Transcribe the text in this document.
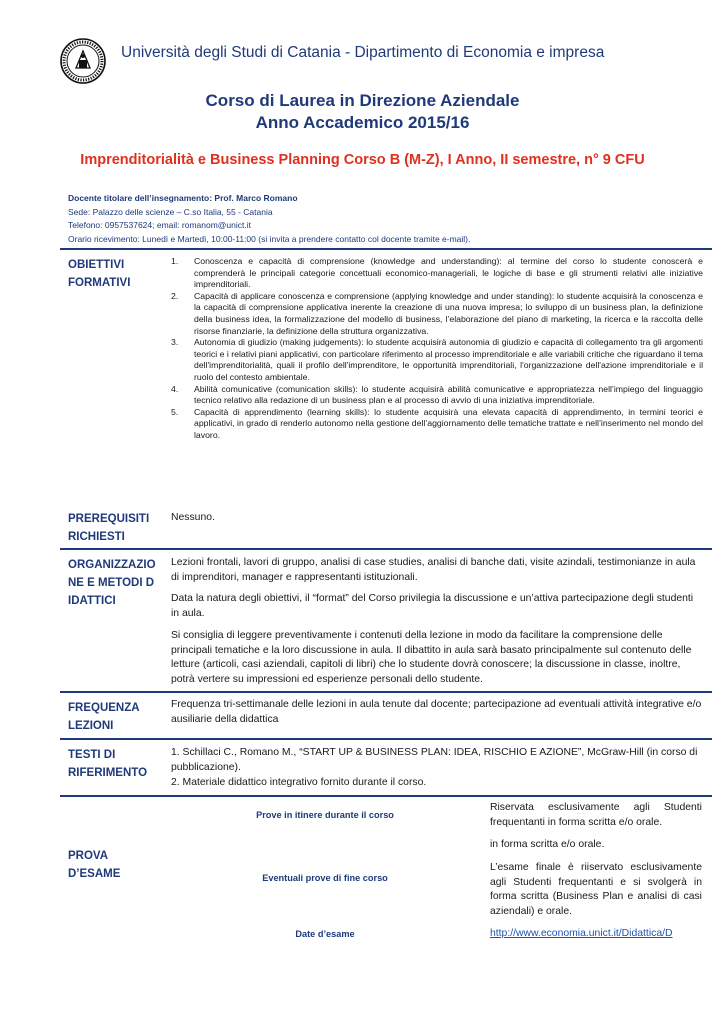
Università degli Studi di Catania - Dipartimento di Economia e impresa
Corso di Laurea in Direzione Aziendale
Anno Accademico 2015/16
Imprenditorialità e Business Planning Corso B (M-Z), I Anno, II semestre, n° 9 CFU
Docente titolare dell’insegnamento: Prof. Marco Romano
Sede: Palazzo delle scienze – C.so Italia, 55 - Catania
Telefono: 0957537624; email: romanom@unict.it
Orario ricevimento: Lunedì e Martedì, 10:00-11:00 (si invita a prendere contatto col docente tramite e-mail).
OBIETTIVI FORMATIVI
1. Conoscenza e capacità di comprensione (knowledge and understanding): al termine del corso lo studente conoscerà e comprenderà le principali categorie concettuali economico-manageriali, le logiche di base e gli strumenti relativi alle iniziative imprenditoriali.
2. Capacità di applicare conoscenza e comprensione (applying knowledge and under standing): lo studente acquisirà la conoscenza e la capacità di comprensione applicativa inerente la creazione di una nuova impresa; lo sviluppo di un business plan, la definizione della business idea, la formalizzazione del modello di business, l’elaborazione del piano di marketing, la ricerca e la raccolta delle risorse finanziarie, la definizione della struttura organizzativa.
3. Autonomia di giudizio (making judgements): lo studente acquisirà autonomia di giudizio e capacità di collegamento tra gli argomenti teorici e i relativi piani applicativi, con particolare riferimento al processo imprenditoriale e alle variabili critiche che riguardano il tema dell'imprenditorialità, quali il profilo dell'imprenditore, le opportunità imprenditoriali, l'organizzazione dell'azione imprenditoriale e il ruolo del contesto ambientale.
4. Abilità comunicative (comunication skills): lo studente acquisirà abilità comunicative e appropriatezza nell’impiego del linguaggio tecnico relativo alla redazione di un business plan e al processo di avvio di una iniziativa imprenditoriale.
5. Capacità di apprendimento (learning skills): lo studente acquisirà una elevata capacità di apprendimento, in termini teorici e applicativi, in grado di renderlo autonomo nella gestione dell’aggiornamento delle tematiche trattate e nell’inserimento nel mondo del lavoro.
PREREQUISITI RICHIESTI
Nessuno.
ORGANIZZAZIONE E METODI DIDATTICI
Lezioni frontali, lavori di gruppo, analisi di case studies, analisi di banche dati, visite azindali, testimonianze in aula di imprenditori, manager e rappresentanti istituzionali.
Data la natura degli obiettivi, il “format” del Corso privilegia la discussione e un’attiva partecipazione degli studenti in aula.
Si consiglia di leggere preventivamente i contenuti della lezione in modo da facilitare la comprensione delle principali tematiche e la loro discussione in aula. Il dibattito in aula sarà basato principalmente sul contenuto delle letture (articoli, casi aziendali, capitoli di libri) che lo studente dovrà conoscere; la discussione in classe, inoltre, potrà vertere su impressioni ed esperienze personali dello studente.
FREQUENZA LEZIONI
Frequenza tri-settimanale delle lezioni in aula tenute dal docente; partecipazione ad eventuali attività integrative e/o ausiliarie della didattica
TESTI DI RIFERIMENTO
1. Schillaci C., Romano M., “START UP & BUSINESS PLAN: IDEA, RISCHIO E AZIONE”, McGraw-Hill (in corso di pubblicazione).
2. Materiale didattico integrativo fornito durante il corso.
PROVA D’ESAME
Prove in itinere durante il corso
Riservata esclusivamente agli Studenti frequentanti in forma scritta e/o orale.
Eventuali prove di fine corso
in forma scritta e/o orale.
L’esame finale è riiservato esclusivamente agli Studenti frequentanti e si svolgerà in forma scritta (Business Plan e analisi di casi aziendali) e orale.
Date d’esame	http://www.economia.unict.it/Didattica/D
